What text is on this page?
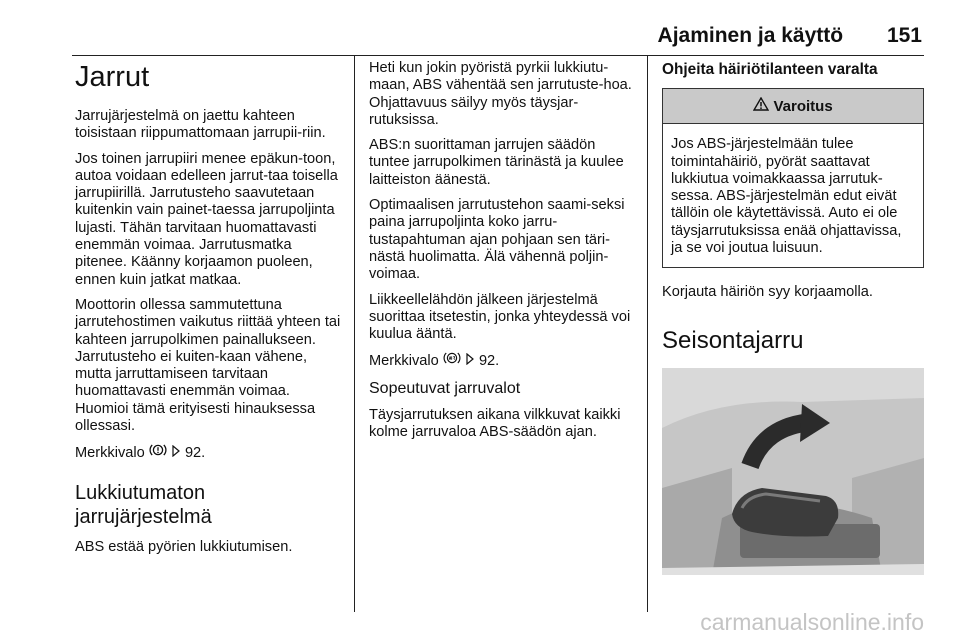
Ajaminen ja käyttö 151
Jarrut

Jarrujärjestelmä on jaettu kahteen toisistaan riippumattomaan jarrupii-riin.

Jos toinen jarrupiiri menee epäkun-toon, autoa voidaan edelleen jarrut-taa toisella jarrupiirillä. Jarrutusteho saavutetaan kuitenkin vain painet-taessa jarrupoljinta lujasti. Tähän tarvitaan huomattavasti enemmän voimaa. Jarrutusmatka pitenee. Käänny korjaamon puoleen, ennen kuin jatkat matkaa.

Moottorin ollessa sammutettuna jarrutehostimen vaikutus riittää yhteen tai kahteen jarrupolkimen painallukseen. Jarrutusteho ei kuiten-kaan vähene, mutta jarruttamiseen tarvitaan huomattavasti enemmän voimaa. Huomioi tämä erityisesti hinauksessa ollessasi.

Merkkivalo	92.

Lukkiutumaton jarrujärjestelmä

ABS estää pyörien lukkiutumisen.

Heti kun jokin pyöristä pyrkii lukkiutu-maan, ABS vähentää sen jarrutuste-hoa. Ohjattavuus säilyy myös täysjar-rutuksissa.

ABS:n suorittaman jarrujen säädön tuntee jarrupolkimen tärinästä ja kuulee laitteiston äänestä.

Optimaalisen jarrutustehon saami-seksi paina jarrupoljinta koko jarru-tustapahtuman ajan pohjaan sen täri-nästä huolimatta. Älä vähennä poljin-voimaa.

Liikkeellelähdön jälkeen järjestelmä suorittaa itsetestin, jonka yhteydessä voi kuulua ääntä.

Merkkivalo	92.

Sopeutuvat jarruvalot

Täysjarrutuksen aikana vilkkuvat kaikki kolme jarruvaloa ABS-säädön ajan.

Ohjeita häiriötilanteen varalta
Varoitus
Jos ABS-järjestelmään tulee toimintahäiriö, pyörät saattavat lukkiutua voimakkaassa jarrutuk-sessa. ABS-järjestelmän edut eivät tällöin ole käytettävissä. Auto ei ole täysjarrutuksissa enää ohjattavissa, ja se voi joutua luisuun.

Korjauta häiriön syy korjaamolla.

Seisontajarru
carmanualsonline.info
